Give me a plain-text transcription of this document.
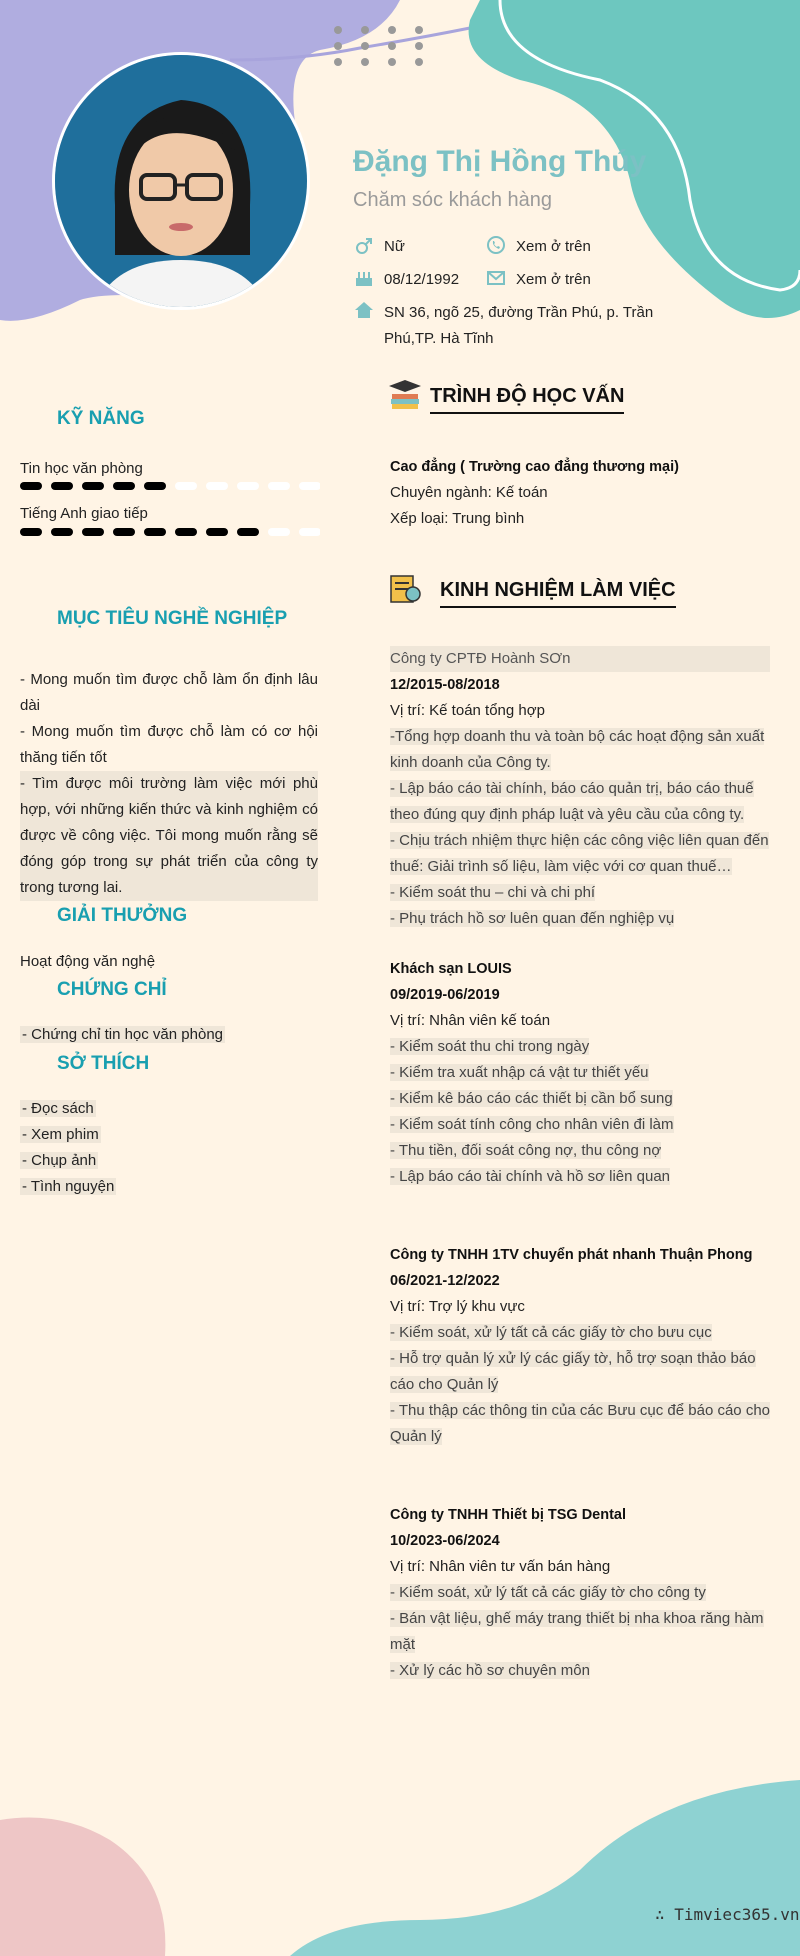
Đặng Thị Hồng Thúy
Chăm sóc khách hàng
Nữ	Xem ở trên
08/12/1992	Xem ở trên
SN 36, ngõ 25, đường Trần Phú, p. Trần Phú,TP. Hà Tĩnh
KỸ NĂNG
Tin học văn phòng
Tiếng Anh giao tiếp
MỤC TIÊU NGHỀ NGHIỆP

- Mong muốn tìm được chỗ làm ổn định lâu dài

- Mong muốn tìm được chỗ làm có cơ hội thăng tiến tốt

- Tìm được môi trường làm việc mới phù hợp, với những kiến thức và kinh nghiệm có được về công việc. Tôi mong muốn rằng sẽ đóng góp trong sự phát triển của công ty trong tương lai.

GIẢI THƯỞNG
Hoạt động văn nghệ
CHỨNG CHỈ
- Chứng chỉ tin học văn phòng
SỞ THÍCH
- Đọc sách
- Xem phim
- Chụp ảnh
- Tình nguyện
TRÌNH ĐỘ HỌC VẤN
Cao đẳng ( Trường cao đẳng thương mại)
Chuyên ngành: Kế toán
Xếp loại: Trung bình
KINH NGHIỆM LÀM VIỆC
Công ty CPTĐ Hoành SƠn
12/2015-08/2018
Vị trí: Kế toán tổng hợp
-Tổng hợp doanh thu và toàn bộ các hoạt động sản xuất kinh doanh của Công ty.
- Lập báo cáo tài chính, báo cáo quản trị, báo cáo thuế theo đúng quy định pháp luật và yêu cầu của công ty.
- Chịu trách nhiệm thực hiện các công việc liên quan đến thuế: Giải trình số liệu, làm việc với cơ quan thuế…
- Kiểm soát thu – chi và chi phí
- Phụ trách hồ sơ luên quan đến nghiệp vụ
Khách sạn LOUIS
09/2019-06/2019
Vị trí: Nhân viên kế toán
- Kiểm soát thu chi trong ngày
- Kiểm tra xuất nhập cá vật tư thiết yếu
- Kiểm kê báo cáo các thiết bị cần bổ sung
- Kiểm soát tính công cho nhân viên đi làm
- Thu tiền, đối soát công nợ, thu công nợ
- Lập báo cáo tài chính và hồ sơ liên quan
Công ty TNHH 1TV chuyển phát nhanh Thuận Phong
06/2021-12/2022
Vị trí: Trợ lý khu vực
- Kiểm soát, xử lý tất cả các giấy tờ cho bưu cục
- Hỗ trợ quản lý xử lý các giấy tờ, hỗ trợ soạn thảo báo cáo cho Quản lý
- Thu thập các thông tin của các Bưu cục để báo cáo cho Quản lý
Công ty TNHH Thiết bị TSG Dental
10/2023-06/2024
Vị trí: Nhân viên tư vấn bán hàng
- Kiểm soát, xử lý tất cả các giấy tờ cho công ty
- Bán vật liệu, ghế máy trang thiết bị nha khoa răng hàm mặt
- Xử lý các hồ sơ chuyên môn
∴ Timviec365.vn
